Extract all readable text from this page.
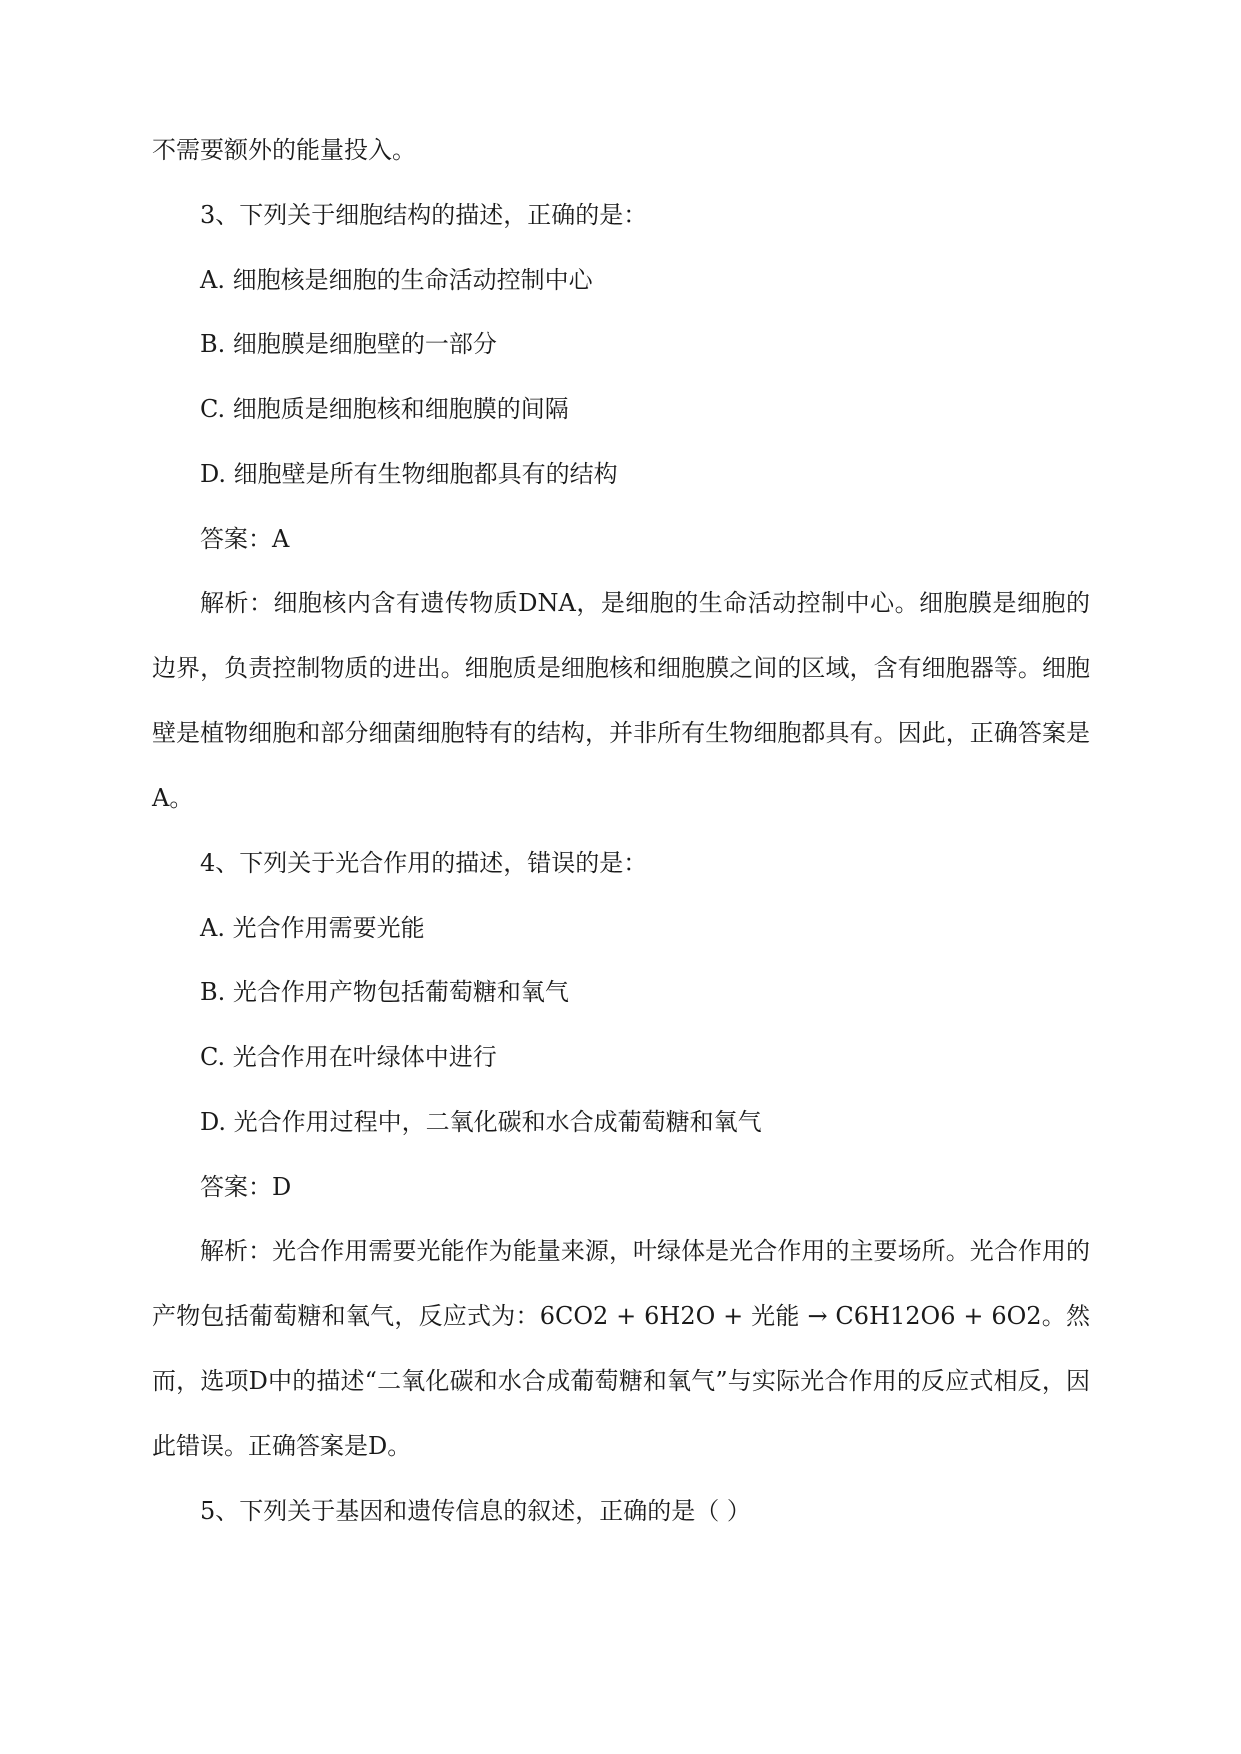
不需要额外的能量投入。

3、下列关于细胞结构的描述，正确的是：

A. 细胞核是细胞的生命活动控制中心

B. 细胞膜是细胞壁的一部分

C. 细胞质是细胞核和细胞膜的间隔

D. 细胞壁是所有生物细胞都具有的结构

答案：A

解析：细胞核内含有遗传物质DNA，是细胞的生命活动控制中心。细胞膜是细胞的边界，负责控制物质的进出。细胞质是细胞核和细胞膜之间的区域，含有细胞器等。细胞壁是植物细胞和部分细菌细胞特有的结构，并非所有生物细胞都具有。因此，正确答案是A。

4、下列关于光合作用的描述，错误的是：

A. 光合作用需要光能

B. 光合作用产物包括葡萄糖和氧气

C. 光合作用在叶绿体中进行

D. 光合作用过程中，二氧化碳和水合成葡萄糖和氧气

答案：D

解析：光合作用需要光能作为能量来源，叶绿体是光合作用的主要场所。光合作用的产物包括葡萄糖和氧气，反应式为：6CO2 + 6H2O + 光能 → C6H12O6 + 6O2。然而，选项D中的描述“二氧化碳和水合成葡萄糖和氧气”与实际光合作用的反应式相反，因此错误。正确答案是D。

5、下列关于基因和遗传信息的叙述，正确的是（ ）
